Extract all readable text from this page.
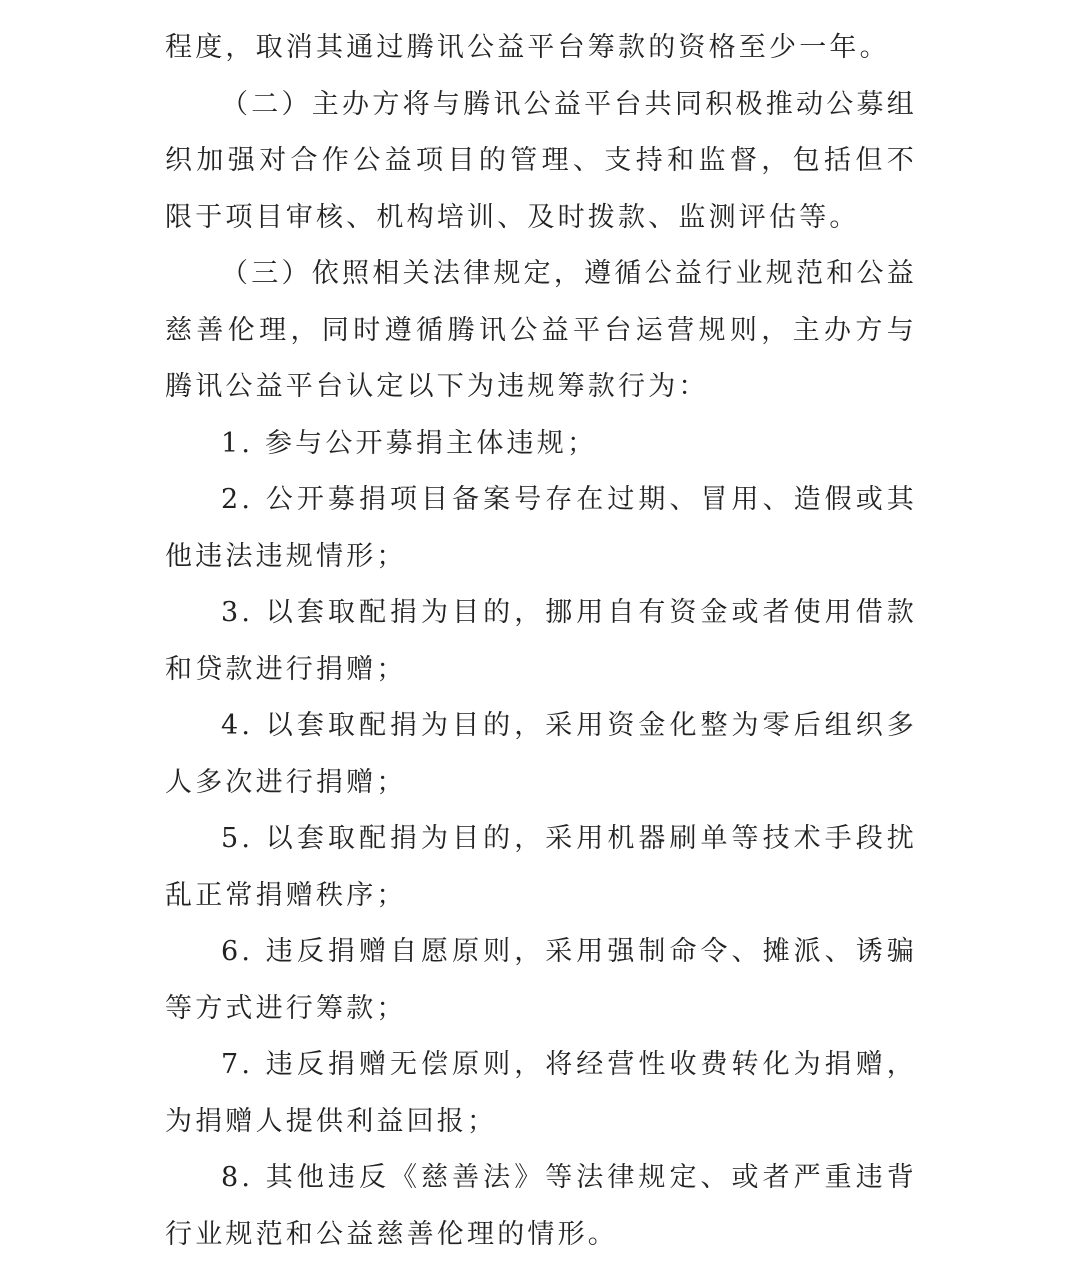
程度，取消其通过腾讯公益平台筹款的资格至少一年。

（二）主办方将与腾讯公益平台共同积极推动公募组织加强对合作公益项目的管理、支持和监督，包括但不限于项目审核、机构培训、及时拨款、监测评估等。

（三）依照相关法律规定，遵循公益行业规范和公益慈善伦理，同时遵循腾讯公益平台运营规则，主办方与腾讯公益平台认定以下为违规筹款行为：

1. 参与公开募捐主体违规；

2. 公开募捐项目备案号存在过期、冒用、造假或其他违法违规情形；

3. 以套取配捐为目的，挪用自有资金或者使用借款和贷款进行捐赠；

4. 以套取配捐为目的，采用资金化整为零后组织多人多次进行捐赠；

5. 以套取配捐为目的，采用机器刷单等技术手段扰乱正常捐赠秩序；

6. 违反捐赠自愿原则，采用强制命令、摊派、诱骗等方式进行筹款；

7. 违反捐赠无偿原则，将经营性收费转化为捐赠，为捐赠人提供利益回报；

8. 其他违反《慈善法》等法律规定、或者严重违背行业规范和公益慈善伦理的情形。
